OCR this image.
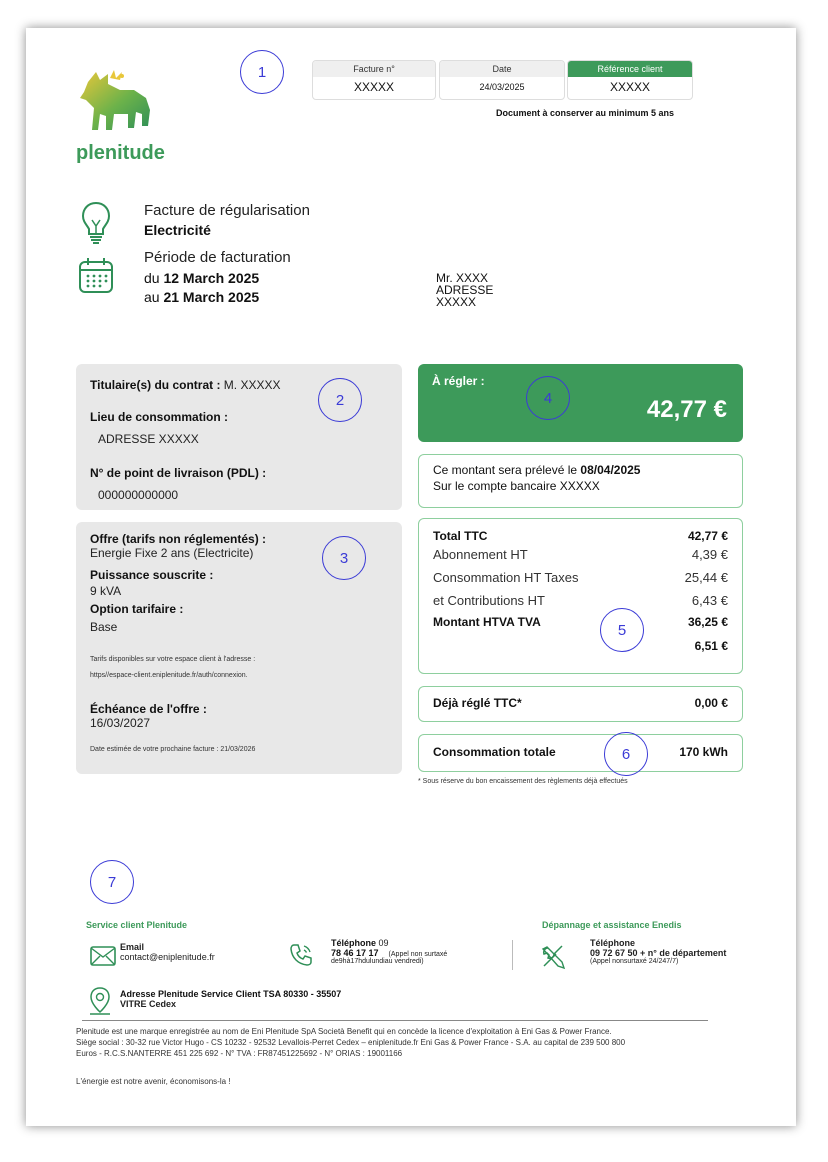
plenitude
1	Facture n°
XXXXX
Date
24/03/2025
Référence client
XXXXX
Document à conserver au minimum 5 ans
Facture de régularisation
Electricité
Période de facturation
du 12 March 2025
au 21 March 2025
Mr. XXXX
ADRESSE
XXXXX
Titulaire(s) du contrat : M. XXXXX
Lieu de consommation :
ADRESSE XXXXX
N° de point de livraison (PDL) :
000000000000
2
Offre (tarifs non réglementés) :
Energie Fixe 2 ans (Electricite)
Puissance souscrite :
9 kVA
Option tarifaire :
Base
Tarifs disponibles sur votre espace client à l'adresse :
https//espace-client.eniplenitude.fr/auth/connexion.
Échéance de l'offre :
16/03/2027
Date estimée de votre prochaine facture : 21/03/2026
3
À régler :
42,77 €
4
Ce montant sera prélevé le 08/04/2025
Sur le compte bancaire XXXXX
Total TTC	42,77 €
Abonnement HT	4,39 €
Consommation HT Taxes	25,44 €
et Contributions HT	6,43 €
Montant HTVA TVA	36,25 €
6,51 €
5
Déjà réglé TTC*	0,00 €
Consommation totale	170 kWh
6
* Sous réserve du bon encaissement des règlements déjà effectués
7
Service client Plenitude
Email
contact@eniplenitude.fr
Téléphone 09
78 46 17 17 (Appel non surtaxé
de9hà17hdulundiau vendredi)
Dépannage et assistance Enedis
Téléphone
09 72 67 50 + n° de département
(Appel nonsurtaxé 24/247/7)
Adresse Plenitude Service Client TSA 80330 - 35507
VITRE Cedex
Plenitude est une marque enregistrée au nom de Eni Plenitude SpA Società Benefit qui en concède la licence d'exploitation à Eni Gas & Power France.
Siège social : 30-32 rue Victor Hugo - CS 10232 - 92532 Levallois-Perret Cedex – eniplenitude.fr Eni Gas & Power France - S.A. au capital de 239 500 800
Euros - R.C.S.NANTERRE 451 225 692 - N° TVA : FR87451225692 - N° ORIAS : 19001166
L'énergie est notre avenir, économisons-la !
